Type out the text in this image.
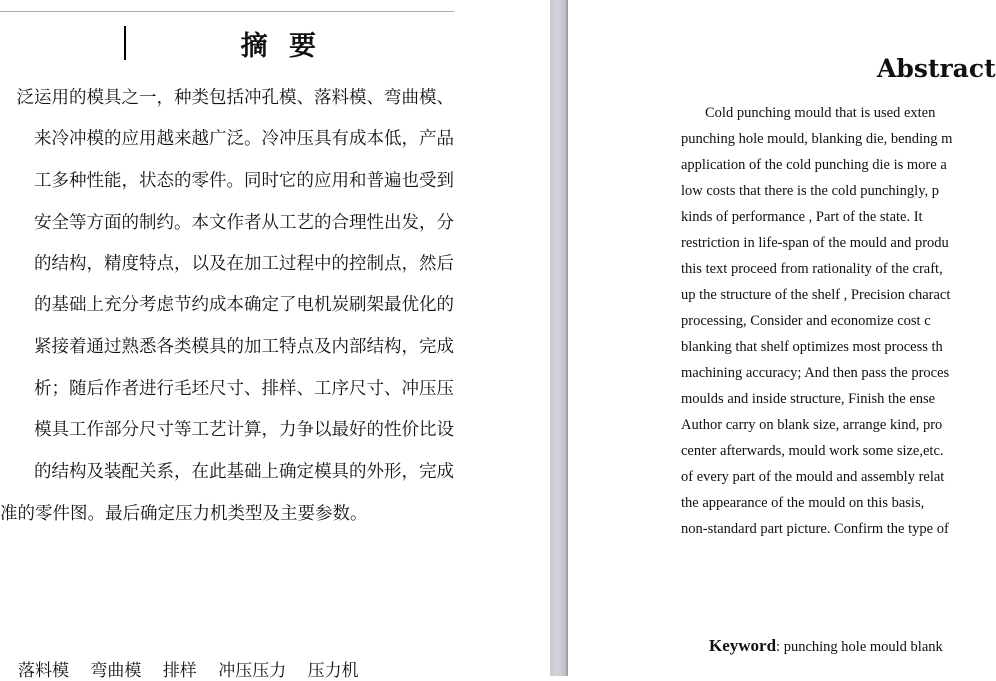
摘 要
泛运用的模具之一，种类包括冲孔模、落料模、弯曲模、
来冷冲模的应用越来越广泛。冷冲压具有成本低，产品
工多种性能，状态的零件。同时它的应用和普遍也受到
安全等方面的制约。本文作者从工艺的合理性出发，分
的结构，精度特点，以及在加工过程中的控制点，然后
的基础上充分考虑节约成本确定了电机炭刷架最优化的
紧接着通过熟悉各类模具的加工特点及内部结构，完成
析；随后作者进行毛坯尺寸、排样、工序尺寸、冲压压
模具工作部分尺寸等工艺计算，力争以最好的性价比设
的结构及装配关系，在此基础上确定模具的外形，完成
准的零件图。最后确定压力机类型及主要参数。
落料模 弯曲模 排样 冲压压力 压力机
Abstract
Cold punching mould that is used exten
punching hole mould, blanking die, bending m
application of the cold punching die is more a
low costs that there is the cold punchingly, p
kinds of performance , Part of the state. It
restriction in life-span of the mould and produ
this text proceed from rationality of the craft,
up the structure of the shelf , Precision charact
processing, Consider and economize cost c
blanking that shelf optimizes most process th
machining accuracy; And then pass the proces
moulds and inside structure, Finish the ense
Author carry on blank size, arrange kind, pro
center afterwards, mould work some size,etc.
of every part of the mould and assembly relat
the appearance of the mould on this basis,
non-standard part picture. Confirm the type of
Keyword: punching hole mould blank
